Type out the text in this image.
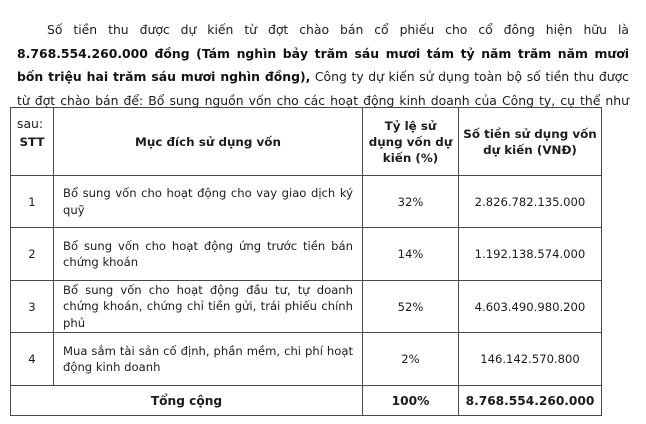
Số tiền thu được dự kiến từ đợt chào bán cổ phiếu cho cổ đông hiện hữu là 8.768.554.260.000 đồng (Tám nghìn bảy trăm sáu mươi tám tỷ năm trăm năm mươi bốn triệu hai trăm sáu mươi nghìn đồng), Công ty dự kiến sử dụng toàn bộ số tiền thu được từ đợt chào bán để: Bổ sung nguồn vốn cho các hoạt động kinh doanh của Công ty, cụ thể như sau:

STT	Mục đích sử dụng vốn	Tỷ lệ sử dụng vốn dự kiến (%)	Số tiền sử dụng vốn dự kiến (VNĐ)
1	Bổ sung vốn cho hoạt động cho vay giao dịch ký quỹ	32%	2.826.782.135.000
2	Bổ sung vốn cho hoạt động ứng trước tiền bán chứng khoán	14%	1.192.138.574.000
3	Bổ sung vốn cho hoạt động đầu tư, tự doanh chứng khoán, chứng chỉ tiền gửi, trái phiếu chính phủ	52%	4.603.490.980.200
4	Mua sắm tài sản cố định, phần mềm, chi phí hoạt động kinh doanh	2%	146.142.570.800
Tổng cộng		100%	8.768.554.260.000
